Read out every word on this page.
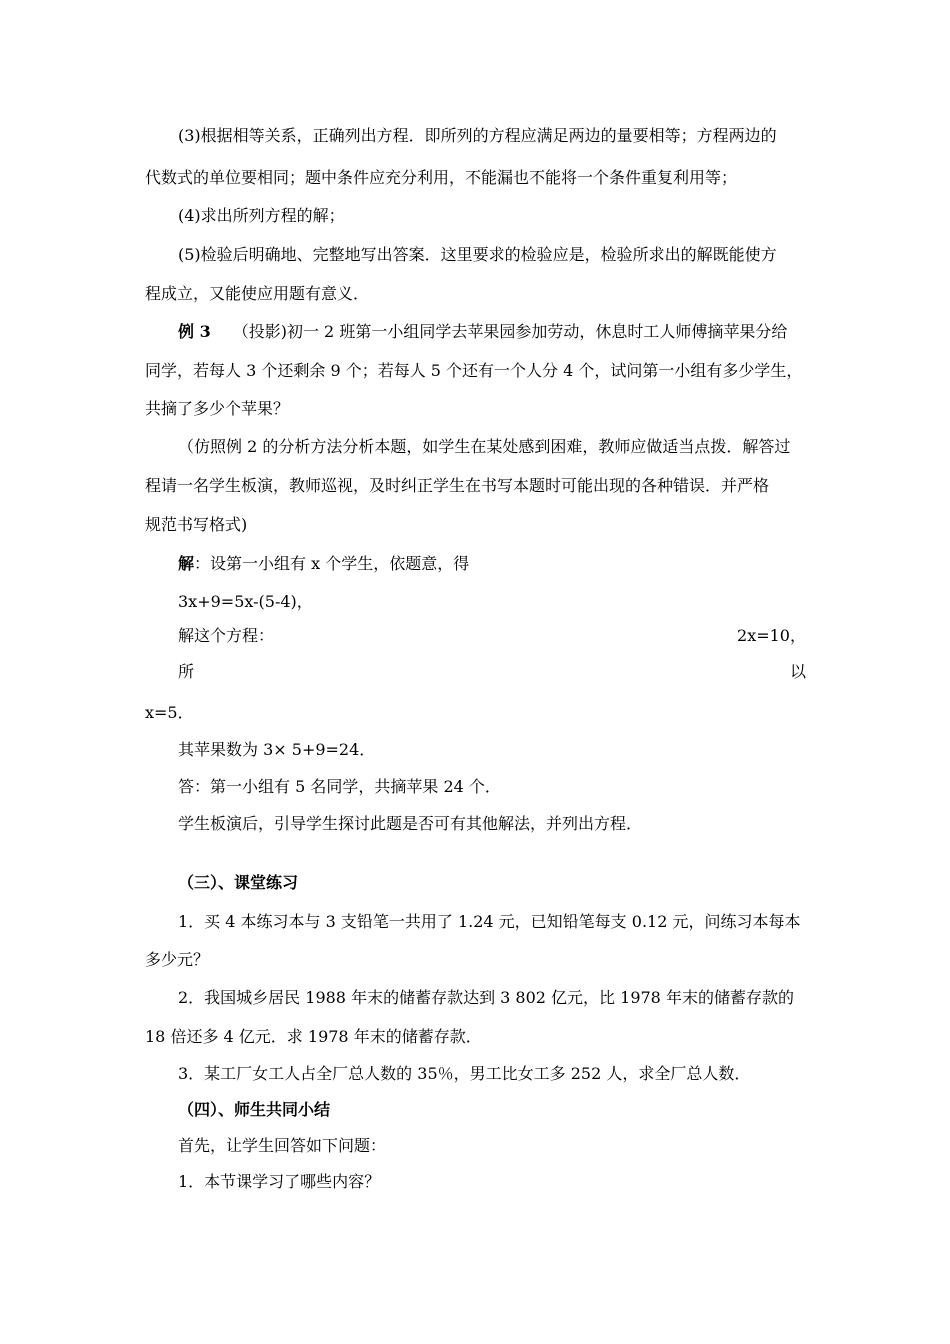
(3)根据相等关系，正确列出方程．即所列的方程应满足两边的量要相等；方程两边的
代数式的单位要相同；题中条件应充分利用，不能漏也不能将一个条件重复利用等；
(4)求出所列方程的解；
(5)检验后明确地、完整地写出答案．这里要求的检验应是，检验所求出的解既能使方
程成立，又能使应用题有意义．
例 3 （投影)初一 2 班第一小组同学去苹果园参加劳动，休息时工人师傅摘苹果分给
同学，若每人 3 个还剩余 9 个；若每人 5 个还有一个人分 4 个，试问第一小组有多少学生，
共摘了多少个苹果？
（仿照例 2 的分析方法分析本题，如学生在某处感到困难，教师应做适当点拨．解答过
程请一名学生板演，教师巡视，及时纠正学生在书写本题时可能出现的各种错误．并严格
规范书写格式)
解：设第一小组有 x 个学生，依题意，得
3x+9=5x-(5-4)，
解这个方程：	2x=10，
所	以
x=5．
其苹果数为 3× 5+9=24．
答：第一小组有 5 名同学，共摘苹果 24 个．
学生板演后，引导学生探讨此题是否可有其他解法，并列出方程．
（三）、课堂练习
1．买 4 本练习本与 3 支铅笔一共用了 1.24 元，已知铅笔每支 0.12 元，问练习本每本
多少元？
2．我国城乡居民 1988 年末的储蓄存款达到 3 802 亿元，比 1978 年末的储蓄存款的
18 倍还多 4 亿元．求 1978 年末的储蓄存款．
3．某工厂女工人占全厂总人数的 35％，男工比女工多 252 人，求全厂总人数．
（四）、师生共同小结
首先，让学生回答如下问题：
1．本节课学习了哪些内容？
